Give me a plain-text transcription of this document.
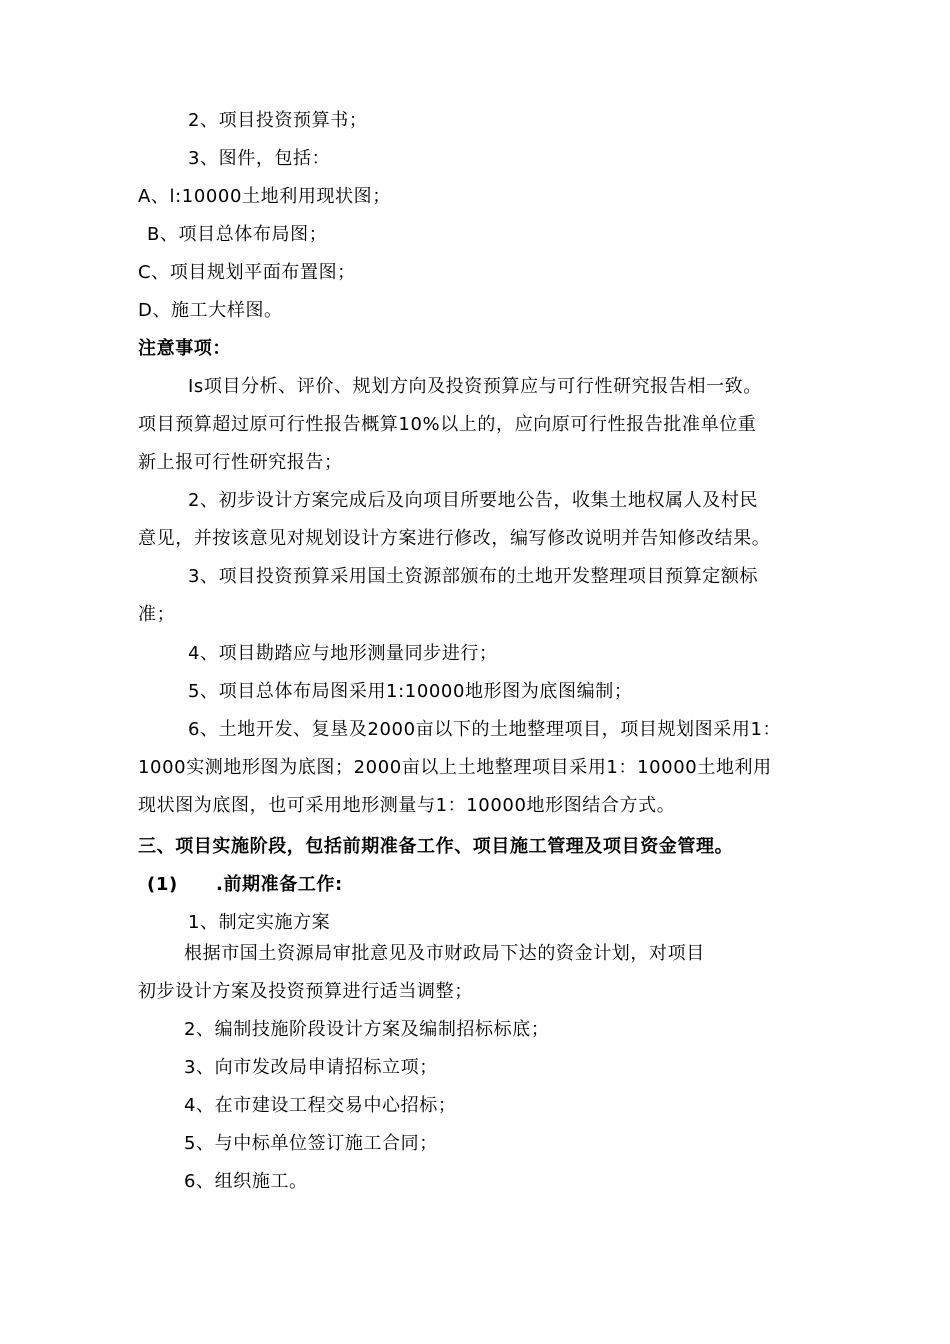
2、项目投资预算书；
3、图件，包括：
A、l:10000土地利用现状图；
B、项目总体布局图；
C、项目规划平面布置图；
D、施工大样图。
注意事项：
Is项目分析、评价、规划方向及投资预算应与可行性研究报告相一致。
项目预算超过原可行性报告概算10%以上的，应向原可行性报告批准单位重
新上报可行性研究报告；
2、初步设计方案完成后及向项目所要地公告，收集土地权属人及村民
意见，并按该意见对规划设计方案进行修改，编写修改说明并告知修改结果。
3、项目投资预算采用国土资源部颁布的土地开发整理项目预算定额标
准；
4、项目勘踏应与地形测量同步进行；
5、项目总体布局图采用1:10000地形图为底图编制；
6、土地开发、复垦及2000亩以下的土地整理项目，项目规划图采用1：
1000实测地形图为底图；2000亩以上土地整理项目采用1：10000土地利用
现状图为底图，也可采用地形测量与1：10000地形图结合方式。
三、项目实施阶段，包括前期准备工作、项目施工管理及项目资金管理。
(1) .前期准备工作:
1、制定实施方案
根据市国土资源局审批意见及市财政局下达的资金计划，对项目
初步设计方案及投资预算进行适当调整；
2、编制技施阶段设计方案及编制招标标底；
3、向市发改局申请招标立项；
4、在市建设工程交易中心招标；
5、与中标单位签订施工合同；
6、组织施工。
